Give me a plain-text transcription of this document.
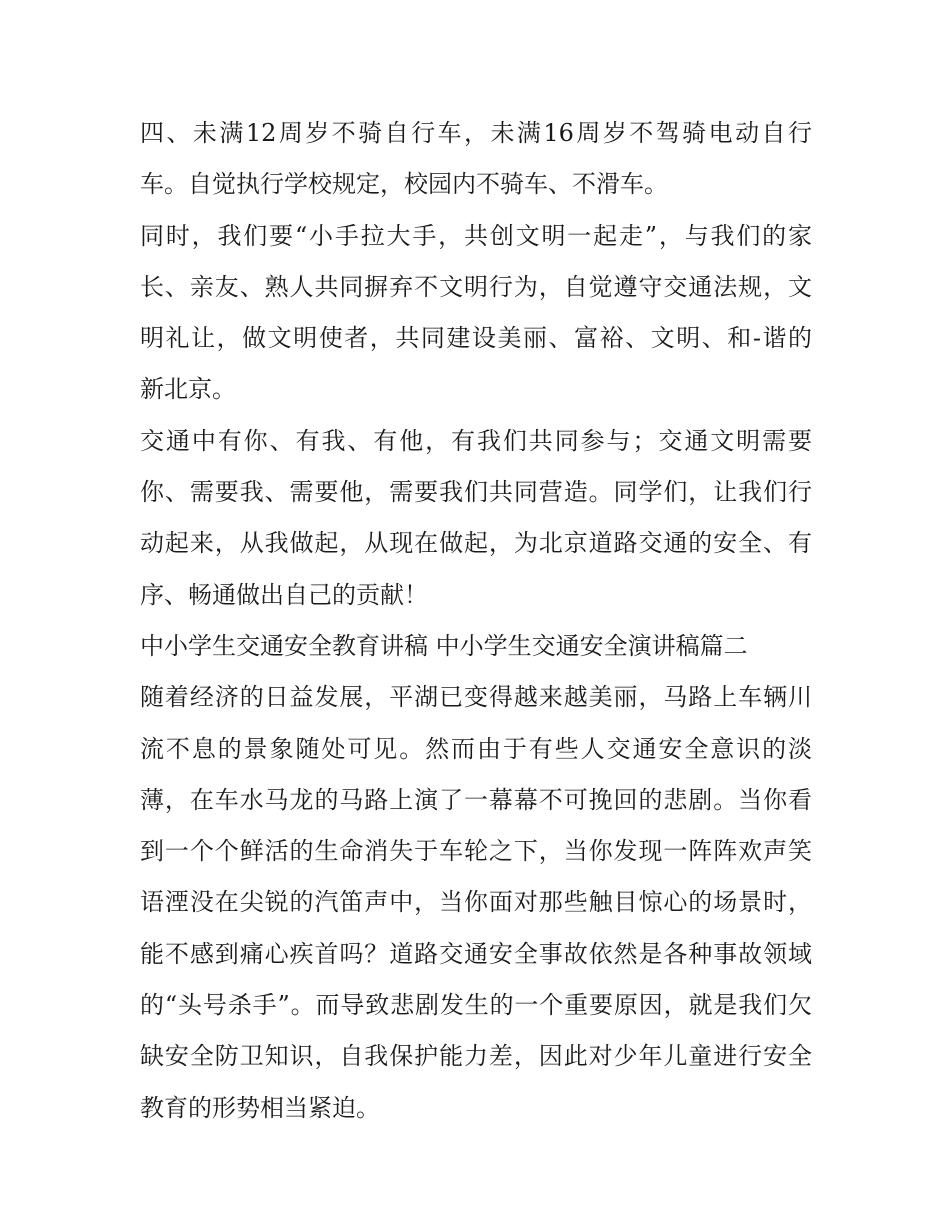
四、未满12周岁不骑自行车，未满16周岁不驾骑电动自行
车。自觉执行学校规定，校园内不骑车、不滑车。
同时，我们要“小手拉大手，共创文明一起走”，与我们的家
长、亲友、熟人共同摒弃不文明行为，自觉遵守交通法规，文
明礼让，做文明使者，共同建设美丽、富裕、文明、和-谐的
新北京。
交通中有你、有我、有他，有我们共同参与；交通文明需要
你、需要我、需要他，需要我们共同营造。同学们，让我们行
动起来，从我做起，从现在做起，为北京道路交通的安全、有
序、畅通做出自己的贡献！
中小学生交通安全教育讲稿 中小学生交通安全演讲稿篇二
随着经济的日益发展，平湖已变得越来越美丽，马路上车辆川
流不息的景象随处可见。然而由于有些人交通安全意识的淡
薄，在车水马龙的马路上演了一幕幕不可挽回的悲剧。当你看
到一个个鲜活的生命消失于车轮之下，当你发现一阵阵欢声笑
语湮没在尖锐的汽笛声中，当你面对那些触目惊心的场景时，
能不感到痛心疾首吗？道路交通安全事故依然是各种事故领域
的“头号杀手”。而导致悲剧发生的一个重要原因，就是我们欠
缺安全防卫知识，自我保护能力差，因此对少年儿童进行安全
教育的形势相当紧迫。
